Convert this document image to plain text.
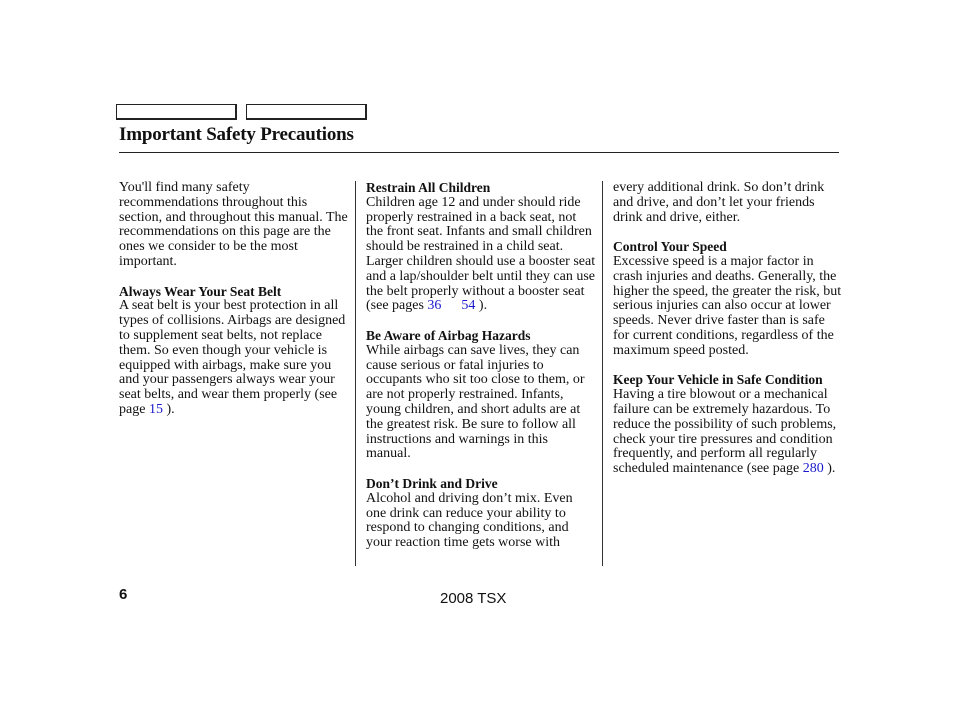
Important Safety Precautions

You'll find many safety recommendations throughout this section, and throughout this manual. The recommendations on this page are the ones we consider to be the most important.

Always Wear Your Seat Belt

A seat belt is your best protection in all types of collisions. Airbags are designed to supplement seat belts, not replace them. So even though your vehicle is equipped with airbags, make sure you and your passengers always wear your seat belts, and wear them properly (see page 15 ).

Restrain All Children

Children age 12 and under should ride properly restrained in a back seat, not the front seat. Infants and small children should be restrained in a child seat. Larger children should use a booster seat and a lap/shoulder belt until they can use the belt properly without a booster seat (see pages 36 54 ).

Be Aware of Airbag Hazards

While airbags can save lives, they can cause serious or fatal injuries to occupants who sit too close to them, or are not properly restrained. Infants, young children, and short adults are at the greatest risk. Be sure to follow all instructions and warnings in this manual.

Don’t Drink and Drive

Alcohol and driving don’t mix. Even one drink can reduce your ability to respond to changing conditions, and your reaction time gets worse with

every additional drink. So don’t drink and drive, and don’t let your friends drink and drive, either.

Control Your Speed

Excessive speed is a major factor in crash injuries and deaths. Generally, the higher the speed, the greater the risk, but serious injuries can also occur at lower speeds. Never drive faster than is safe for current conditions, regardless of the maximum speed posted.

Keep Your Vehicle in Safe Condition

Having a tire blowout or a mechanical failure can be extremely hazardous. To reduce the possibility of such problems, check your tire pressures and condition frequently, and perform all regularly scheduled maintenance (see page 280 ).

6	2008 TSX
